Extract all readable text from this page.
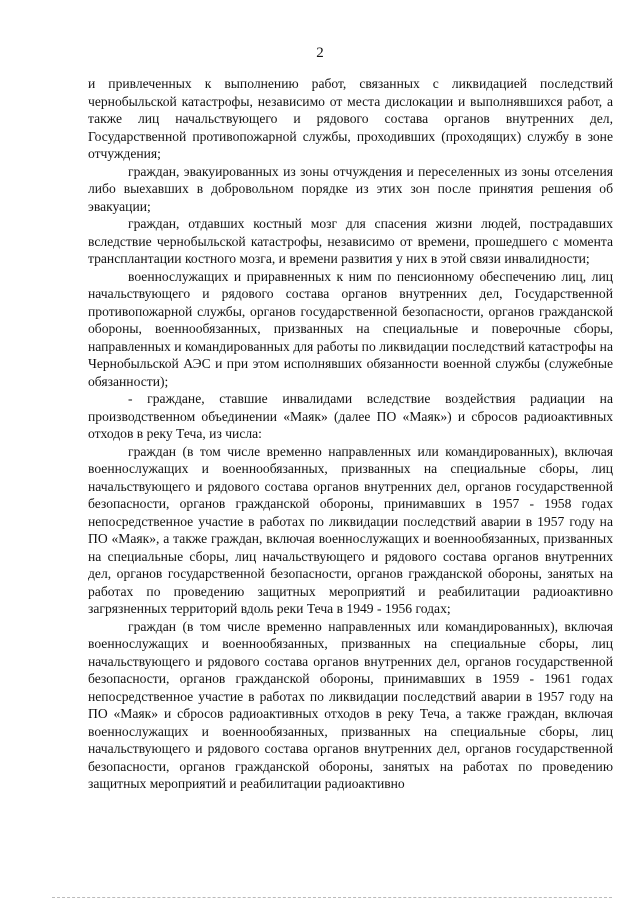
2

и привлеченных к выполнению работ, связанных с ликвидацией последствий чернобыльской катастрофы, независимо от места дислокации и выполнявшихся работ, а также лиц начальствующего и рядового состава органов внутренних дел, Государственной противопожарной службы, проходивших (проходящих) службу в зоне отчуждения;

граждан, эвакуированных из зоны отчуждения и переселенных из зоны отселения либо выехавших в добровольном порядке из этих зон после принятия решения об эвакуации;

граждан, отдавших костный мозг для спасения жизни людей, пострадавших вследствие чернобыльской катастрофы, независимо от времени, прошедшего с момента трансплантации костного мозга, и времени развития у них в этой связи инвалидности;

военнослужащих и приравненных к ним по пенсионному обеспечению лиц, лиц начальствующего и рядового состава органов внутренних дел, Государственной противопожарной службы, органов государственной безопасности, органов гражданской обороны, военнообязанных, призванных на специальные и поверочные сборы, направленных и командированных для работы по ликвидации последствий катастрофы на Чернобыльской АЭС и при этом исполнявших обязанности военной службы (служебные обязанности);

- граждане, ставшие инвалидами вследствие воздействия радиации на производственном объединении «Маяк» (далее ПО «Маяк») и сбросов радиоактивных отходов в реку Теча, из числа:

граждан (в том числе временно направленных или командированных), включая военнослужащих и военнообязанных, призванных на специальные сборы, лиц начальствующего и рядового состава органов внутренних дел, органов государственной безопасности, органов гражданской обороны, принимавших в 1957 - 1958 годах непосредственное участие в работах по ликвидации последствий аварии в 1957 году на ПО «Маяк», а также граждан, включая военнослужащих и военнообязанных, призванных на специальные сборы, лиц начальствующего и рядового состава органов внутренних дел, органов государственной безопасности, органов гражданской обороны, занятых на работах по проведению защитных мероприятий и реабилитации радиоактивно загрязненных территорий вдоль реки Теча в 1949 - 1956 годах;

граждан (в том числе временно направленных или командированных), включая военнослужащих и военнообязанных, призванных на специальные сборы, лиц начальствующего и рядового состава органов внутренних дел, органов государственной безопасности, органов гражданской обороны, принимавших в 1959 - 1961 годах непосредственное участие в работах по ликвидации последствий аварии в 1957 году на ПО «Маяк» и сбросов радиоактивных отходов в реку Теча, а также граждан, включая военнослужащих и военнообязанных, призванных на специальные сборы, лиц начальствующего и рядового состава органов внутренних дел, органов государственной безопасности, органов гражданской обороны, занятых на работах по проведению защитных мероприятий и реабилитации радиоактивно
